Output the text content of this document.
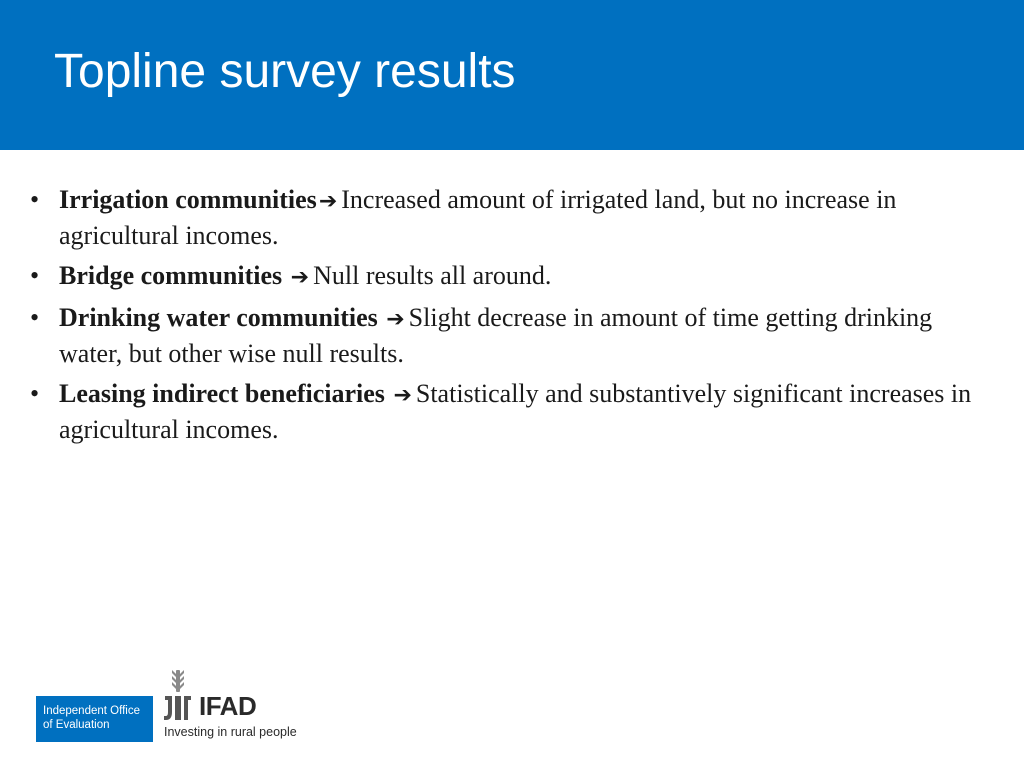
Topline survey results
• Irrigation communities➔ Increased amount of irrigated land, but no increase in agricultural incomes.
• Bridge communities ➔ Null results all around.
• Drinking water communities ➔ Slight decrease in amount of time getting drinking water, but other wise null results.
• Leasing indirect beneficiaries ➔ Statistically and substantively significant increases in agricultural incomes.
Independent Office
of Evaluation
IFAD
Investing in rural people
